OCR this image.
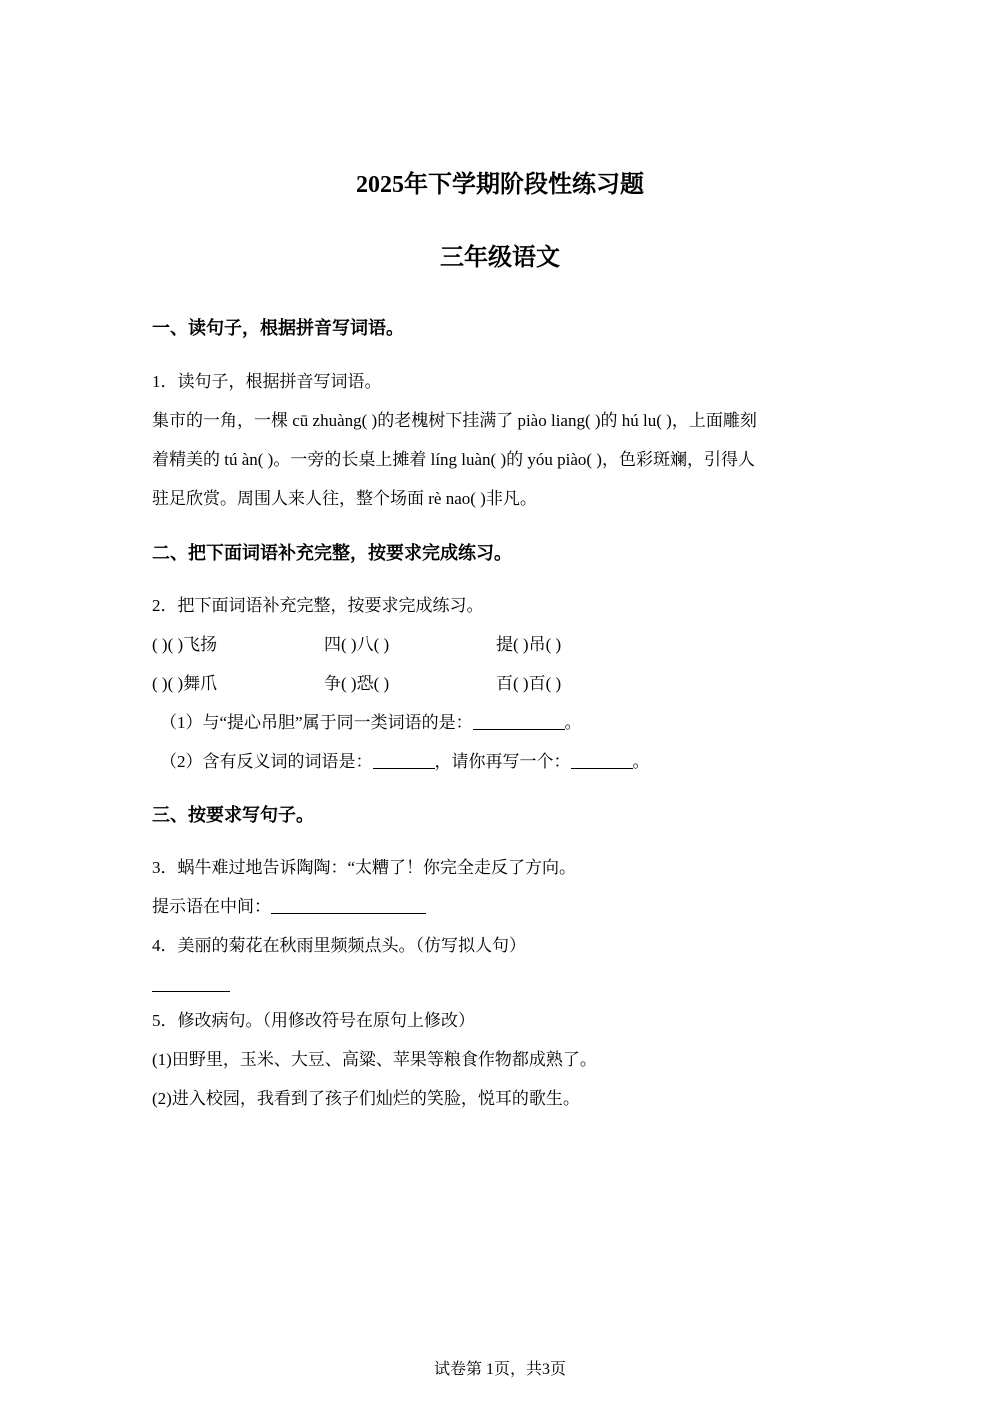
2025年下学期阶段性练习题
三年级语文
一、读句子，根据拼音写词语。
1．读句子，根据拼音写词语。
集市的一角，一棵 cū zhuàng( )的老槐树下挂满了 piào liang( )的 hú lu( )，上面雕刻
着精美的 tú àn( )。一旁的长桌上摊着 líng luàn( )的 yóu piào( )，色彩斑斓，引得人
驻足欣赏。周围人来人往，整个场面 rè nao( )非凡。
二、把下面词语补充完整，按要求完成练习。
2．把下面词语补充完整，按要求完成练习。
( )( )飞扬	四( )八( )	提( )吊( )
( )( )舞爪	争( )恐( )	百( )百( )
（1）与“提心吊胆”属于同一类词语的是：	。
（2）含有反义词的词语是：	，请你再写一个：	。
三、按要求写句子。
3．蜗牛难过地告诉陶陶：“太糟了！你完全走反了方向。
提示语在中间：
4．美丽的菊花在秋雨里频频点头。（仿写拟人句）
5．修改病句。（用修改符号在原句上修改）
(1)田野里，玉米、大豆、高粱、苹果等粮食作物都成熟了。
(2)进入校园，我看到了孩子们灿烂的笑脸，悦耳的歌生。
试卷第 1页，共3页
